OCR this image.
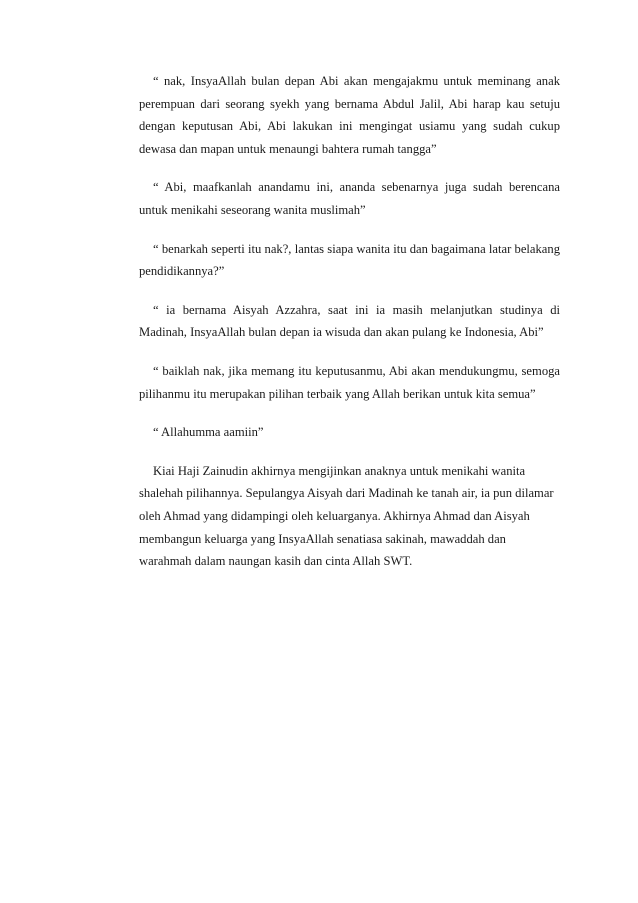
“ nak, InsyaAllah bulan depan Abi akan mengajakmu untuk meminang anak perempuan dari seorang syekh yang bernama Abdul Jalil, Abi harap kau setuju dengan keputusan Abi, Abi lakukan ini mengingat usiamu yang sudah cukup dewasa dan mapan untuk menaungi bahtera rumah tangga”

“ Abi, maafkanlah anandamu ini, ananda sebenarnya juga sudah berencana untuk menikahi seseorang wanita muslimah”

“ benarkah seperti itu nak?, lantas siapa wanita itu dan bagaimana latar belakang pendidikannya?”

“ ia bernama Aisyah Azzahra, saat ini ia masih melanjutkan studinya di Madinah, InsyaAllah bulan depan ia wisuda dan akan pulang ke Indonesia, Abi”

“ baiklah nak, jika memang itu keputusanmu, Abi akan mendukungmu, semoga pilihanmu itu merupakan pilihan terbaik yang Allah berikan untuk kita semua”

“ Allahumma aamiin”

Kiai Haji Zainudin akhirnya mengijinkan anaknya untuk menikahi wanita shalehah pilihannya. Sepulangya Aisyah dari Madinah ke tanah air, ia pun dilamar oleh Ahmad yang didampingi oleh keluarganya. Akhirnya Ahmad dan Aisyah membangun keluarga yang InsyaAllah senatiasa sakinah, mawaddah dan warahmah dalam naungan kasih dan cinta Allah SWT.
